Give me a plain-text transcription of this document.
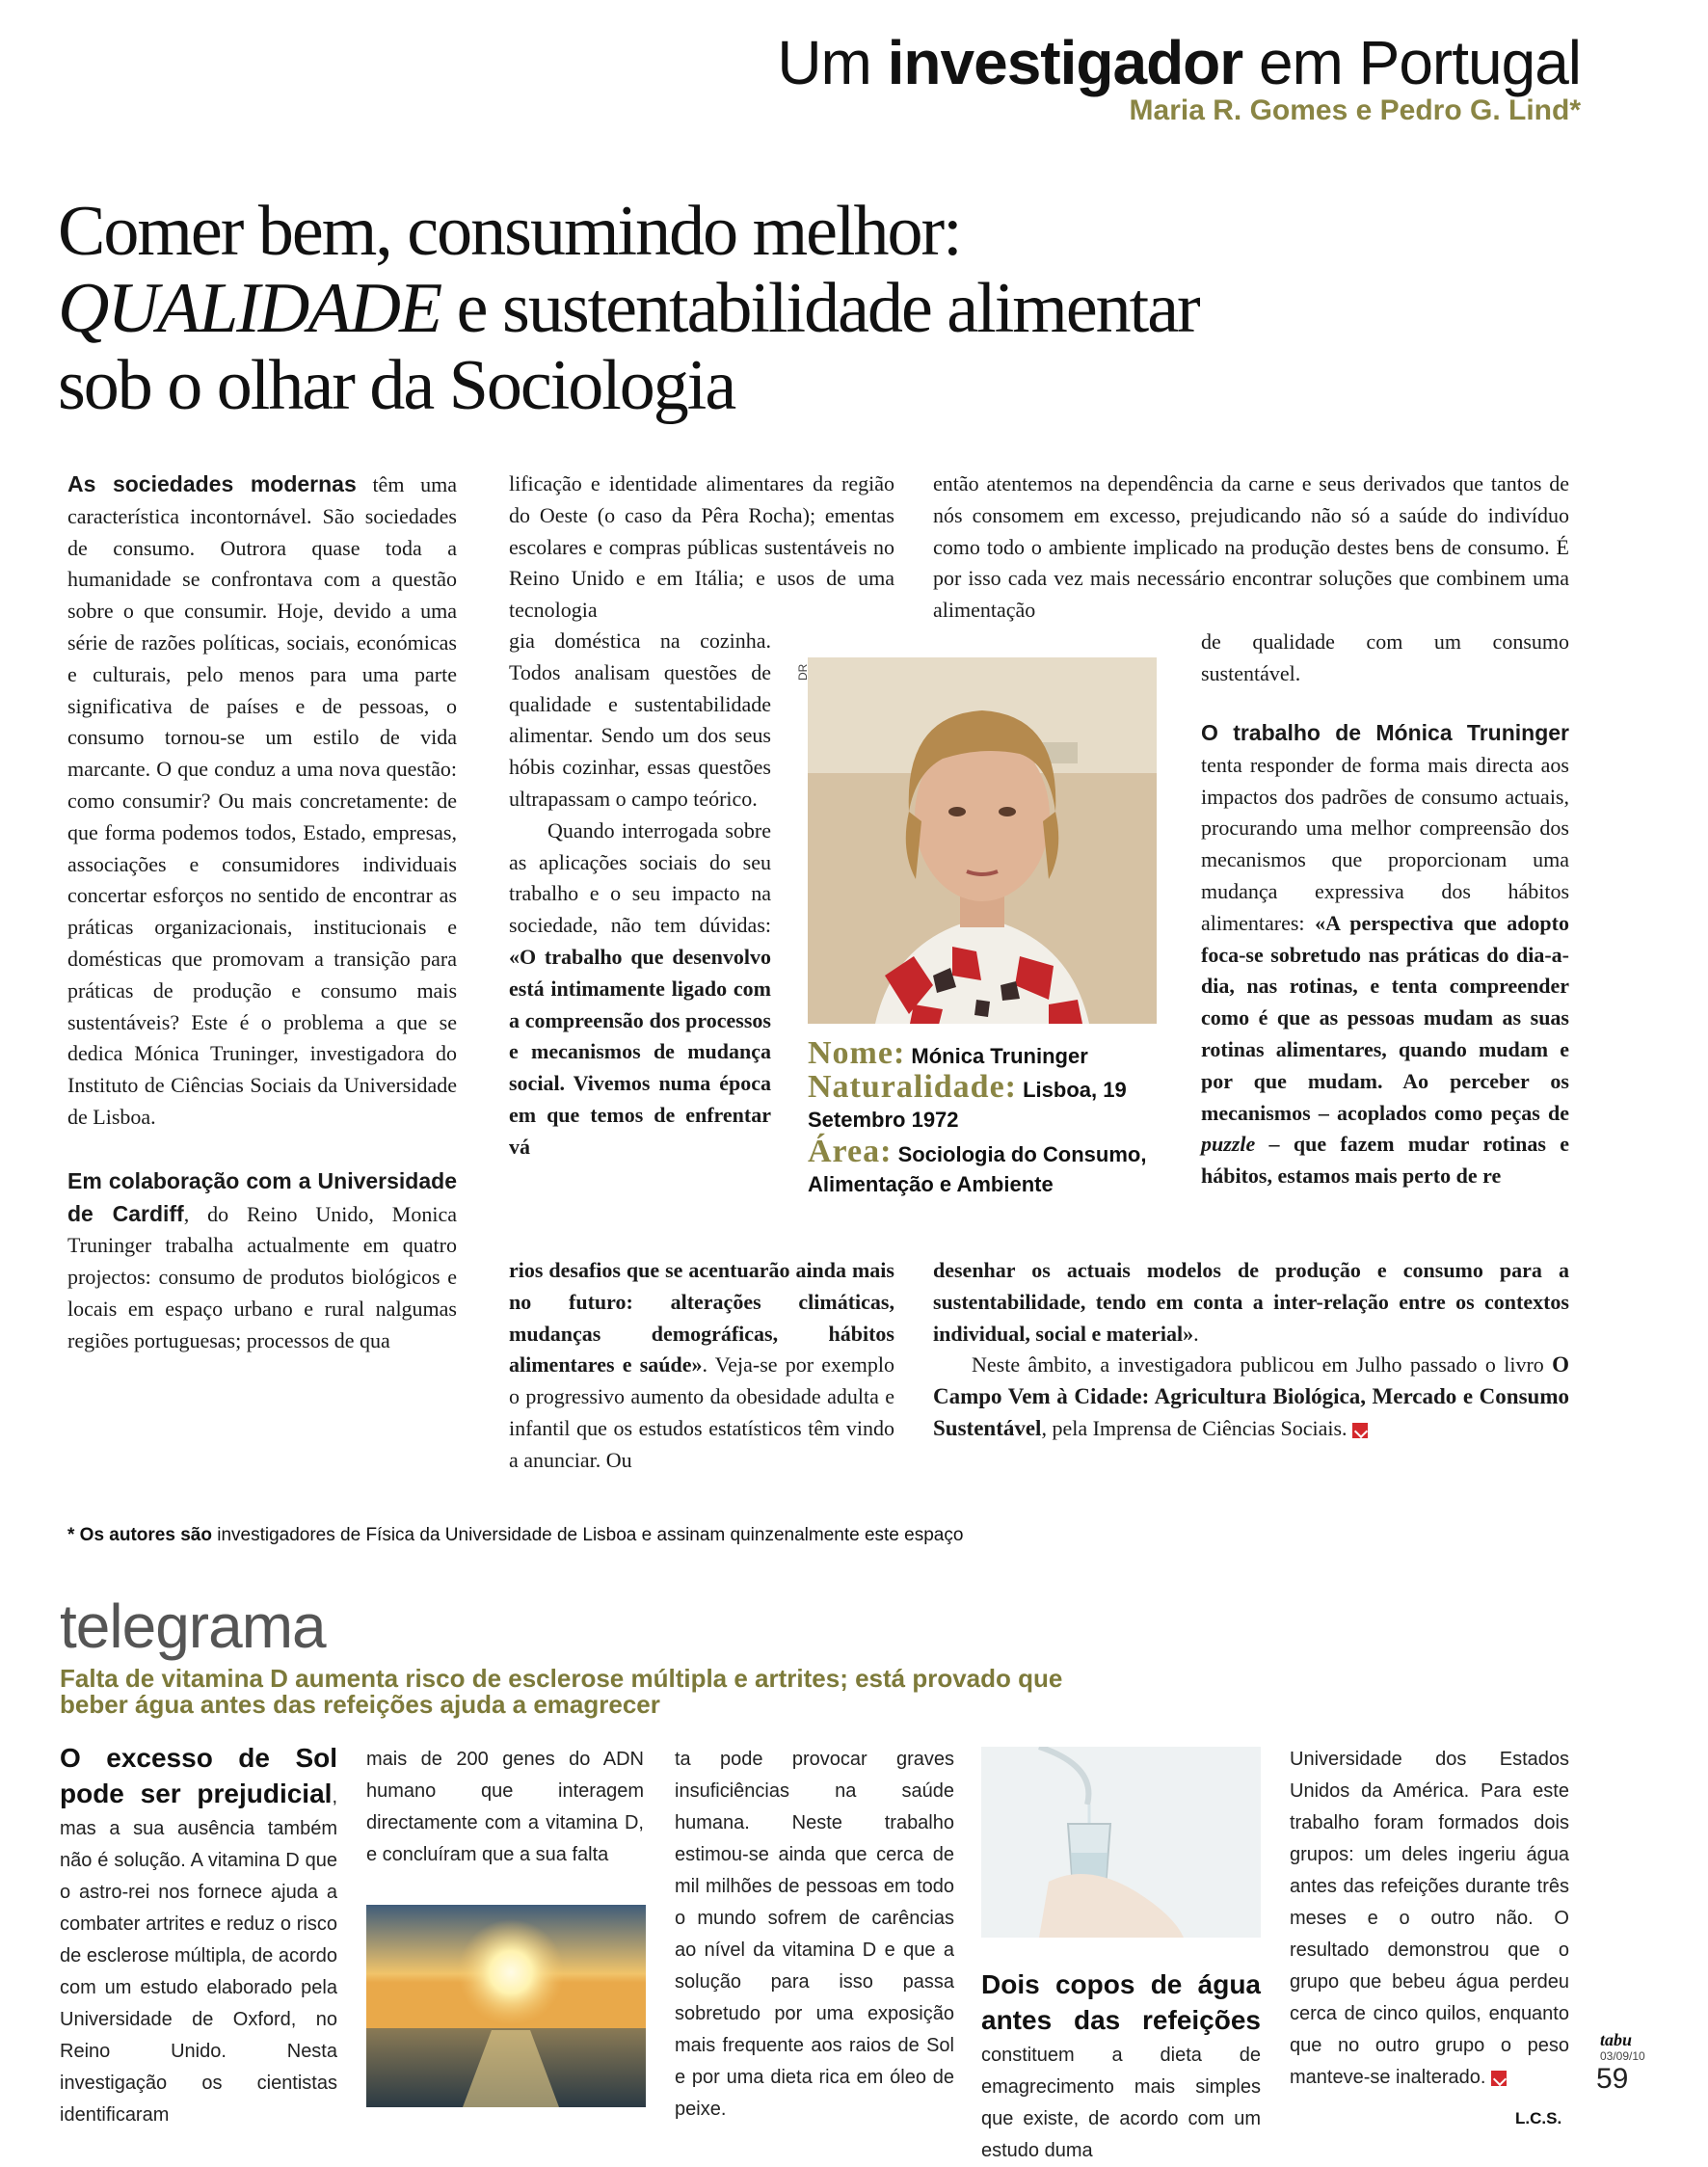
Um investigador em Portugal
Maria R. Gomes e Pedro G. Lind*
Comer bem, consumindo melhor:
QUALIDADE e sustentabilidade alimentar
sob o olhar da Sociologia

As sociedades modernas têm uma característica incontornável. São sociedades de consumo. Outrora quase toda a humanidade se confrontava com a questão sobre o que consumir. Hoje, devido a uma série de razões políticas, sociais, económicas e culturais, pelo menos para uma parte significativa de países e de pessoas, o consumo tornou-se um estilo de vida marcante. O que conduz a uma nova questão: como consumir? Ou mais concretamente: de que forma podemos todos, Estado, empresas, associações e consumidores individuais concertar esforços no sentido de encontrar as práticas organizacionais, institucionais e domésticas que promovam a transição para práticas de produção e consumo mais sustentáveis? Este é o problema a que se dedica Mónica Truninger, investigadora do Instituto de Ciências Sociais da Universidade de Lisboa.

Em colaboração com a Universidade de Cardiff, do Reino Unido, Monica Truninger trabalha actualmente em quatro projectos: consumo de produtos biológicos e locais em espaço urbano e rural nalgumas regiões portuguesas; processos de qua

lificação e identidade alimentares da região do Oeste (o caso da Pêra Rocha); ementas escolares e compras públicas sustentáveis no Reino Unido e em Itália; e usos de uma tecnologia

gia doméstica na cozinha. Todos analisam questões de qualidade e sustentabilidade alimentar. Sendo um dos seus hóbis cozinhar, essas questões ultrapassam o campo teórico.

Quando interrogada sobre as aplicações sociais do seu trabalho e o seu impacto na sociedade, não tem dúvidas: «O trabalho que desenvolvo está intimamente ligado com a compreensão dos processos e mecanismos de mudança social. Vivemos numa época em que temos de enfrentar vá

rios desafios que se acentuarão ainda mais no futuro: alterações climáticas, mudanças demográficas, hábitos alimentares e saúde». Veja-se por exemplo o progressivo aumento da obesidade adulta e infantil que os estudos estatísticos têm vindo a anunciar. Ou
então atentemos na dependência da carne e seus derivados que tantos de nós consomem em excesso, prejudicando não só a saúde do indivíduo como todo o ambiente implicado na produção destes bens de consumo. É por isso cada vez mais necessário encontrar soluções que combinem uma alimentação
de qualidade com um consumo sustentável.
O trabalho de Mónica Truninger tenta responder de forma mais directa aos impactos dos padrões de consumo actuais, procurando uma melhor compreensão dos mecanismos que proporcionam uma mudança expressiva dos hábitos alimentares: «A perspectiva que adopto foca-se sobretudo nas práticas do dia-a-dia, nas rotinas, e tenta compreender como é que as pessoas mudam as suas rotinas alimentares, quando mudam e por que mudam. Ao perceber os mecanismos – acoplados como peças de puzzle – que fazem mudar rotinas e hábitos, estamos mais perto de re

desenhar os actuais modelos de produção e consumo para a sustentabilidade, tendo em conta a inter-relação entre os contextos individual, social e material».

Neste âmbito, a investigadora publicou em Julho passado o livro O Campo Vem à Cidade: Agricultura Biológica, Mercado e Consumo Sustentável, pela Imprensa de Ciências Sociais.

DR
Nome: Mónica Truninger
Naturalidade: Lisboa, 19 Setembro 1972
Área: Sociologia do Consumo, Alimentação e Ambiente
* Os autores são investigadores de Física da Universidade de Lisboa e assinam quinzenalmente este espaço
telegrama
Falta de vitamina D aumenta risco de esclerose múltipla e artrites; está provado que beber água antes das refeições ajuda a emagrecer
O excesso de Sol pode ser prejudicial, mas a sua ausência também não é solução. A vitamina D que o astro-rei nos fornece ajuda a combater artrites e reduz o risco de esclerose múltipla, de acordo com um estudo elaborado pela Universidade de Oxford, no Reino Unido. Nesta investigação os cientistas identificaram
mais de 200 genes do ADN humano que interagem directamente com a vitamina D, e concluíram que a sua falta
ta pode provocar graves insuficiências na saúde humana. Neste trabalho estimou-se ainda que cerca de mil milhões de pessoas em todo o mundo sofrem de carências ao nível da vitamina D e que a solução para isso passa sobretudo por uma exposição mais frequente aos raios de Sol e por uma dieta rica em óleo de peixe.
Dois copos de água antes das refeições constituem a dieta de emagrecimento mais simples que existe, de acordo com um estudo duma
Universidade dos Estados Unidos da América. Para este trabalho foram formados dois grupos: um deles ingeriu água antes das refeições durante três meses e o outro não. O resultado demonstrou que o grupo que bebeu água perdeu cerca de cinco quilos, enquanto que no outro grupo o peso manteve-se inalterado.
tabu
03/09/10
59
L.C.S.
